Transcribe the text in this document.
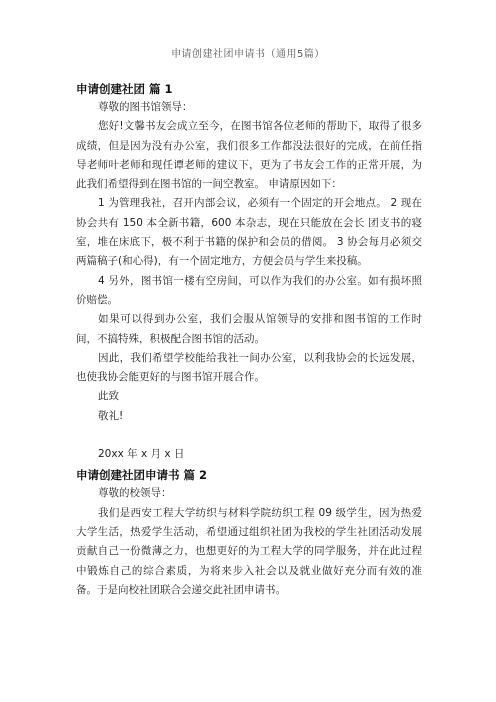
申请创建社团申请书（通用5篇）

申请创建社团 篇 1

尊敬的图书馆领导：

您好!文馨书友会成立至今，在图书馆各位老师的帮助下，取得了很多成绩，但是因为没有办公室，我们很多工作都没法很好的完成，在前任指导老师叶老师和现任谭老师的建议下，更为了书友会工作的正常开展，为此我们希望得到在图书馆的一间空教室。 申请原因如下：

1 为管理我社，召开内部会议，必须有一个固定的开会地点。 2 现在协会共有 150 本全新书籍，600 本杂志，现在只能放在会长 团支书的寝室，堆在床底下，极不利于书籍的保护和会员的借阅。 3 协会每月必须交两篇稿子(和心得)，有一个固定地方，方便会员与学生来投稿。

4 另外，图书馆一楼有空房间，可以作为我们的办公室。如有损坏照价赔偿。

如果可以得到办公室，我们会服从馆领导的安排和图书馆的工作时间，不搞特殊，积极配合图书馆的活动。

因此，我们希望学校能给我社一间办公室，以利我协会的长远发展，也使我协会能更好的与图书馆开展合作。

此致

敬礼!

20xx 年 x 月 x 日

申请创建社团申请书 篇 2

尊敬的校领导：

我们是西安工程大学纺织与材料学院纺织工程 09 级学生，因为热爱大学生活，热爱学生活动，希望通过组织社团为我校的学生社团活动发展贡献自己一份微薄之力，也想更好的为工程大学的同学服务，并在此过程中锻炼自己的综合素质，为将来步入社会以及就业做好充分而有效的准备。于是向校社团联合会递交此社团申请书。
